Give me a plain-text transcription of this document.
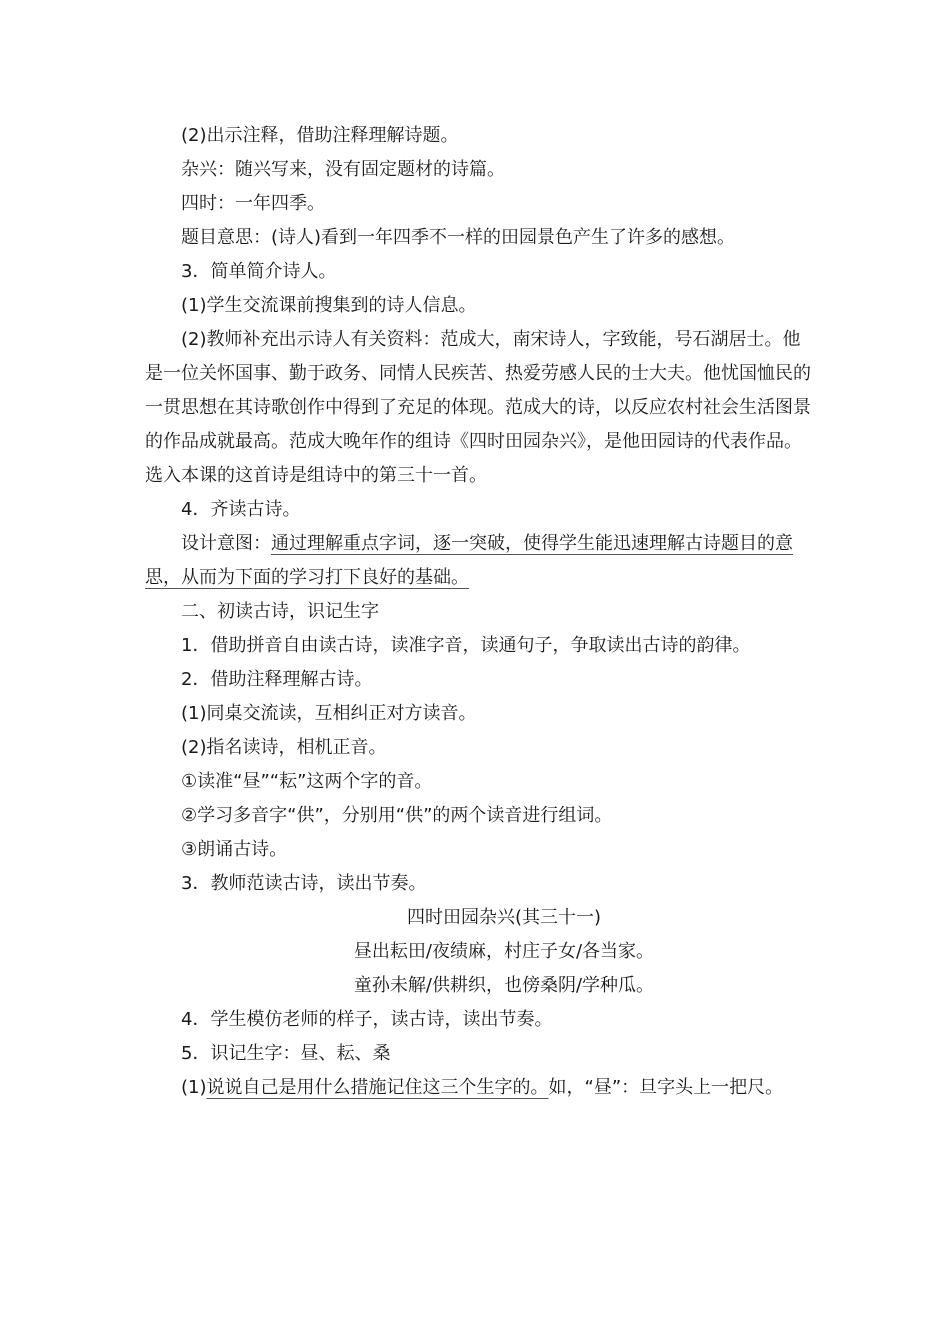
(2)出示注释，借助注释理解诗题。

杂兴：随兴写来，没有固定题材的诗篇。

四时：一年四季。

题目意思：(诗人)看到一年四季不一样的田园景色产生了许多的感想。

3．简单简介诗人。

(1)学生交流课前搜集到的诗人信息。

(2)教师补充出示诗人有关资料：范成大，南宋诗人，字致能，号石湖居士。他是一位关怀国事、勤于政务、同情人民疾苦、热爱劳感人民的士大夫。他忧国恤民的一贯思想在其诗歌创作中得到了充足的体现。范成大的诗，以反应农村社会生活图景的作品成就最高。范成大晚年作的组诗《四时田园杂兴》，是他田园诗的代表作品。选入本课的这首诗是组诗中的第三十一首。

4．齐读古诗。

设计意图：通过理解重点字词，逐一突破，使得学生能迅速理解古诗题目的意思，从而为下面的学习打下良好的基础。

二、初读古诗，识记生字

1．借助拼音自由读古诗，读准字音，读通句子，争取读出古诗的韵律。

2．借助注释理解古诗。

(1)同桌交流读，互相纠正对方读音。

(2)指名读诗，相机正音。

①读准“昼”“耘”这两个字的音。

②学习多音字“供”，分别用“供”的两个读音进行组词。

③朗诵古诗。

3．教师范读古诗，读出节奏。

四时田园杂兴(其三十一)

昼出耘田/夜绩麻，村庄子女/各当家。

童孙未解/供耕织，也傍桑阴/学种瓜。

4．学生模仿老师的样子，读古诗，读出节奏。

5．识记生字：昼、耘、桑

(1)说说自己是用什么措施记住这三个生字的。如，“昼”：旦字头上一把尺。
